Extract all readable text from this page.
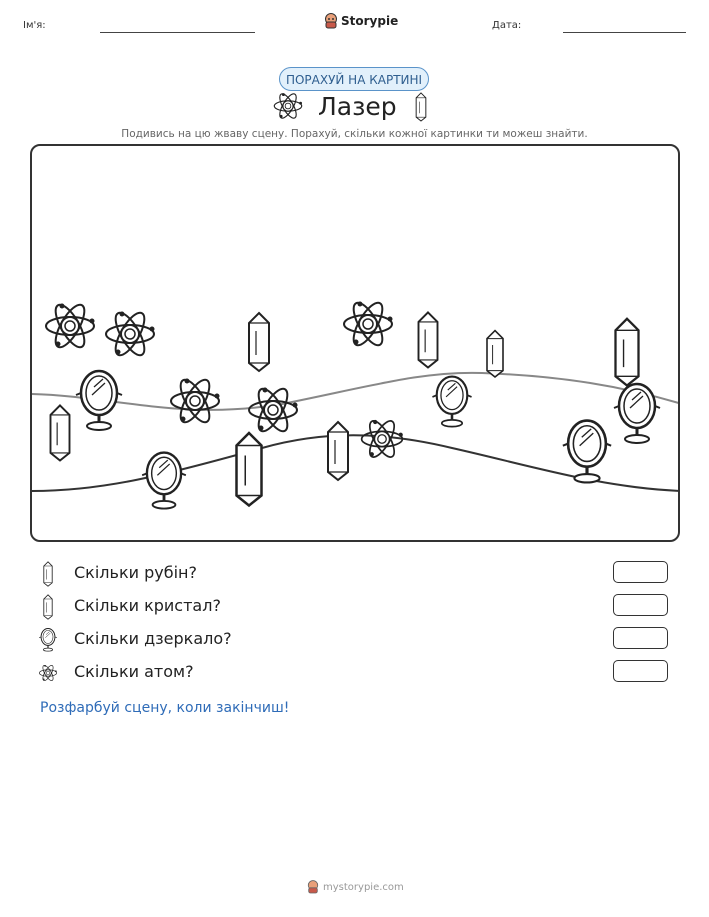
Ім'я:	Storypie	Дата:
ПОРАХУЙ НА КАРТИНІ
Лазер
Подивись на цю жваву сцену. Порахуй, скільки кожної картинки ти можеш знайти.
Скільки рубін?
Скільки кристал?
Скільки дзеркало?
Скільки атом?
Розфарбуй сцену, коли закінчиш!
mystorypie.com
